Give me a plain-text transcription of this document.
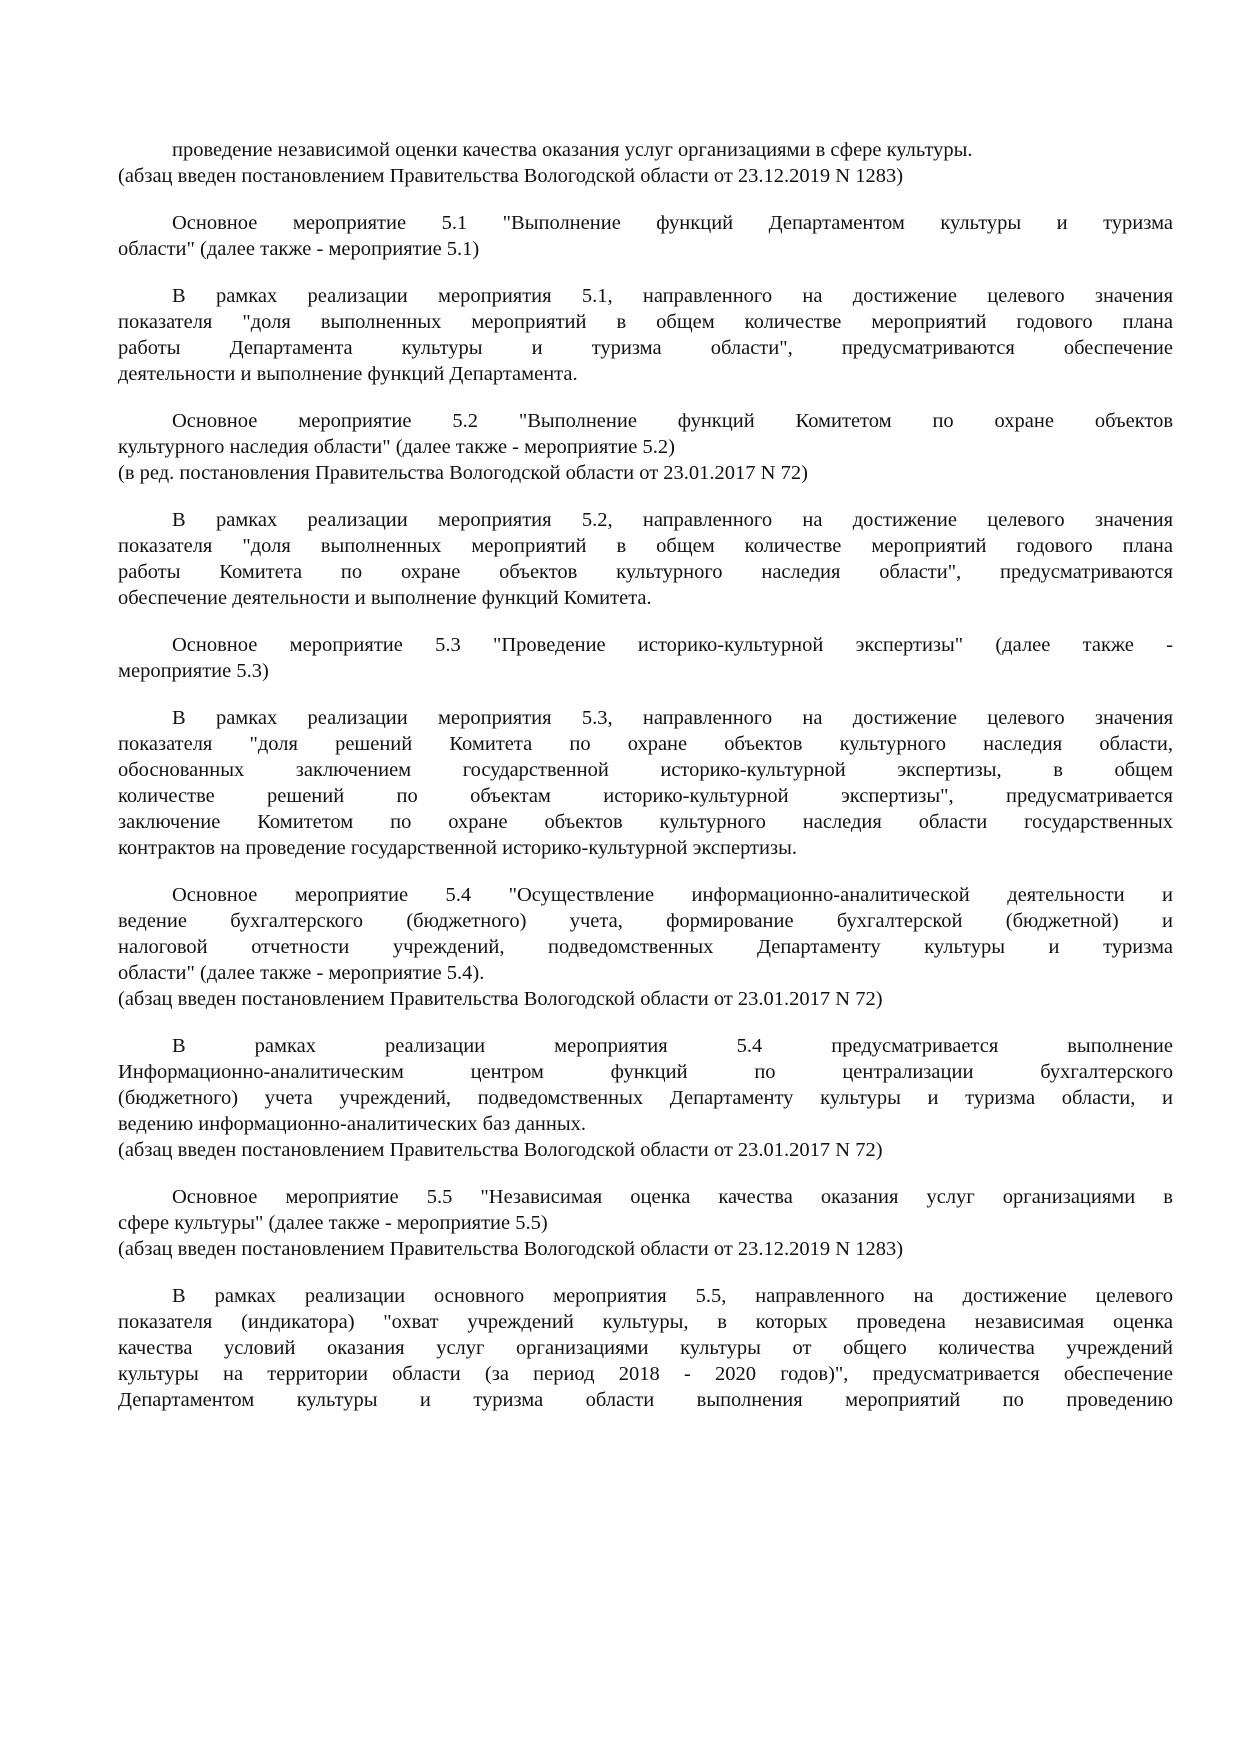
проведение независимой оценки качества оказания услуг организациями в сфере культуры.
(абзац введен постановлением Правительства Вологодской области от 23.12.2019 N 1283)
Основное мероприятие 5.1 "Выполнение функций Департаментом культуры и туризма
области" (далее также - мероприятие 5.1)
В рамках реализации мероприятия 5.1, направленного на достижение целевого значения
показателя "доля выполненных мероприятий в общем количестве мероприятий годового плана
работы Департамента культуры и туризма области", предусматриваются обеспечение
деятельности и выполнение функций Департамента.
Основное мероприятие 5.2 "Выполнение функций Комитетом по охране объектов
культурного наследия области" (далее также - мероприятие 5.2)
(в ред. постановления Правительства Вологодской области от 23.01.2017 N 72)
В рамках реализации мероприятия 5.2, направленного на достижение целевого значения
показателя "доля выполненных мероприятий в общем количестве мероприятий годового плана
работы Комитета по охране объектов культурного наследия области", предусматриваются
обеспечение деятельности и выполнение функций Комитета.
Основное мероприятие 5.3 "Проведение историко-культурной экспертизы" (далее также -
мероприятие 5.3)
В рамках реализации мероприятия 5.3, направленного на достижение целевого значения
показателя "доля решений Комитета по охране объектов культурного наследия области,
обоснованных заключением государственной историко-культурной экспертизы, в общем
количестве решений по объектам историко-культурной экспертизы", предусматривается
заключение Комитетом по охране объектов культурного наследия области государственных
контрактов на проведение государственной историко-культурной экспертизы.
Основное мероприятие 5.4 "Осуществление информационно-аналитической деятельности и
ведение бухгалтерского (бюджетного) учета, формирование бухгалтерской (бюджетной) и
налоговой отчетности учреждений, подведомственных Департаменту культуры и туризма
области" (далее также - мероприятие 5.4).
(абзац введен постановлением Правительства Вологодской области от 23.01.2017 N 72)
В рамках реализации мероприятия 5.4 предусматривается выполнение
Информационно-аналитическим центром функций по централизации бухгалтерского
(бюджетного) учета учреждений, подведомственных Департаменту культуры и туризма области, и
ведению информационно-аналитических баз данных.
(абзац введен постановлением Правительства Вологодской области от 23.01.2017 N 72)
Основное мероприятие 5.5 "Независимая оценка качества оказания услуг организациями в
сфере культуры" (далее также - мероприятие 5.5)
(абзац введен постановлением Правительства Вологодской области от 23.12.2019 N 1283)
В рамках реализации основного мероприятия 5.5, направленного на достижение целевого
показателя (индикатора) "охват учреждений культуры, в которых проведена независимая оценка
качества условий оказания услуг организациями культуры от общего количества учреждений
культуры на территории области (за период 2018 - 2020 годов)", предусматривается обеспечение
Департаментом культуры и туризма области выполнения мероприятий по проведению
